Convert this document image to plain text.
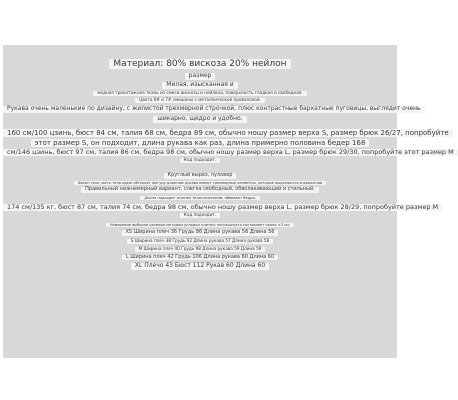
Материал: 80% вискоза 20% нейлон
размер
Милая, изысканная и
модная трикотажная ткань из смеси вискозы и нейлона, поверхность гладкая и свободная.
Цвета 6# и 7# смешаны с металлической проволокой.
Рукава очень маленькие по дизайну, с жилистой трехмерной строчкой, плюс контрастные бархатные пуговицы, выглядит очень
шикарно, щедро и удобно.
160 см/100 цзинь, бюст 84 см, талия 68 см, бедра 89 см, обычно ношу размер верха S, размер брюк 26/27, попробуйте
этот размер S, он подходит, длина рукава как раз, длина примерно половина бедер 168
см/146 цзинь, бюст 97 см, талия 86 см, бедра 98 см, обычно ношу размер верха L, размер брюк 29/30, попробуйте этот размер M
Код подходит.
Круглый вырез, пуловер
Фасон тело чаcть тела одеж обтекает фигуру длинные рукава имеют трехмерные элементы, которые выделяются в движении
Правильный нижнемерный вариант, слегка свободный, обволакивающий и стильный.
Длина подходит многим телосложениям, обвивает бедра.
174 см/135 кг, бюст 87 см, талия 74 см, бедра 98 см, обычно ношу размер верха L, размер брюк 28/29, попробуйте размер M
Код подходит.
Измерение выборки размера методом укладки плитки: погрешность составляет около ±3 см.
XS Ширина плеч 36 Грудь 86 Длина рукава 56 Длина 56
S Ширина плеч 38 Грудь 92 Длина рукава 57 Длина рукава 58
M Ширина плеч 40 Грудь 98 Длина рукава 59 Длина 59
L Ширина плеч 42 Грудь 106 Длина рукава 60 Длина 60
XL Плечо 43 Бюст 112 Рукав 60 Длина 60
